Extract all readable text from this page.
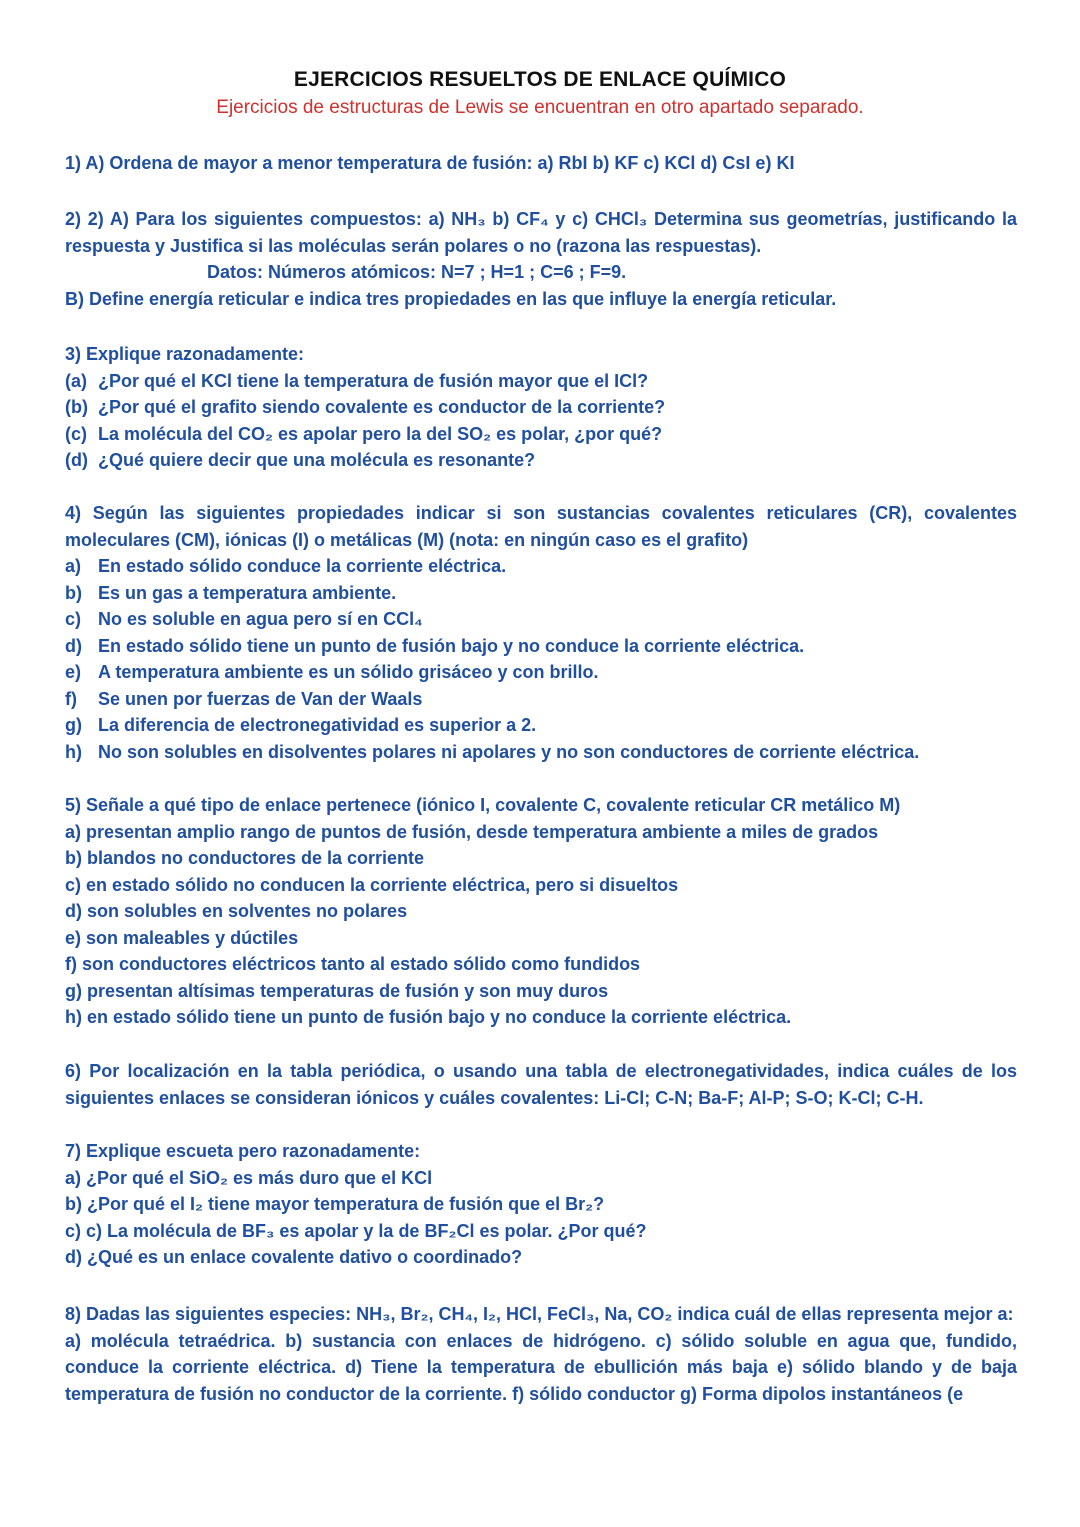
EJERCICIOS RESUELTOS DE ENLACE QUÍMICO
Ejercicios de estructuras de Lewis se encuentran en otro apartado separado.

1) A) Ordena de mayor a menor temperatura de fusión: a) RbI b) KF c) KCl d) CsI e) KI

2) 2) A) Para los siguientes compuestos: a) NH₃ b) CF₄ y c) CHCl₃ Determina sus geometrías, justificando la respuesta y Justifica si las moléculas serán polares o no (razona las respuestas).

Datos: Números atómicos: N=7 ; H=1 ; C=6 ; F=9.

B) Define energía reticular e indica tres propiedades en las que influye la energía reticular.

3) Explique razonadamente:

(a) ¿Por qué el KCl tiene la temperatura de fusión mayor que el ICl?
(b) ¿Por qué el grafito siendo covalente es conductor de la corriente?
(c) La molécula del CO₂ es apolar pero la del SO₂ es polar, ¿por qué?
(d) ¿Qué quiere decir que una molécula es resonante?

4) Según las siguientes propiedades indicar si son sustancias covalentes reticulares (CR), covalentes moleculares (CM), iónicas (I) o metálicas (M) (nota: en ningún caso es el grafito)

a) En estado sólido conduce la corriente eléctrica.
b) Es un gas a temperatura ambiente.
c) No es soluble en agua pero sí en CCl₄
d) En estado sólido tiene un punto de fusión bajo y no conduce la corriente eléctrica.
e) A temperatura ambiente es un sólido grisáceo y con brillo.
f) Se unen por fuerzas de Van der Waals
g) La diferencia de electronegatividad es superior a 2.
h) No son solubles en disolventes polares ni apolares y no son conductores de corriente eléctrica.

5) Señale a qué tipo de enlace pertenece (iónico I, covalente C, covalente reticular CR metálico M)

a) presentan amplio rango de puntos de fusión, desde temperatura ambiente a miles de grados

b) blandos no conductores de la corriente

c) en estado sólido no conducen la corriente eléctrica, pero si disueltos

d) son solubles en solventes no polares

e) son maleables y dúctiles

f) son conductores eléctricos tanto al estado sólido como fundidos

g) presentan altísimas temperaturas de fusión y son muy duros

h) en estado sólido tiene un punto de fusión bajo y no conduce la corriente eléctrica.

6) Por localización en la tabla periódica, o usando una tabla de electronegatividades, indica cuáles de los siguientes enlaces se consideran iónicos y cuáles covalentes: Li-Cl; C-N; Ba-F; Al-P; S-O; K-Cl; C-H.

7) Explique escueta pero razonadamente:

a) ¿Por qué el SiO₂ es más duro que el KCl

b) ¿Por qué el I₂ tiene mayor temperatura de fusión que el Br₂?

c) c) La molécula de BF₃ es apolar y la de BF₂Cl es polar. ¿Por qué?

d) ¿Qué es un enlace covalente dativo o coordinado?

8) Dadas las siguientes especies: NH₃, Br₂, CH₄, I₂, HCl, FeCl₃, Na, CO₂ indica cuál de ellas representa mejor a:

a) molécula tetraédrica. b) sustancia con enlaces de hidrógeno. c) sólido soluble en agua que, fundido, conduce la corriente eléctrica. d) Tiene la temperatura de ebullición más baja e) sólido blando y de baja temperatura de fusión no conductor de la corriente. f) sólido conductor g) Forma dipolos instantáneos (e
